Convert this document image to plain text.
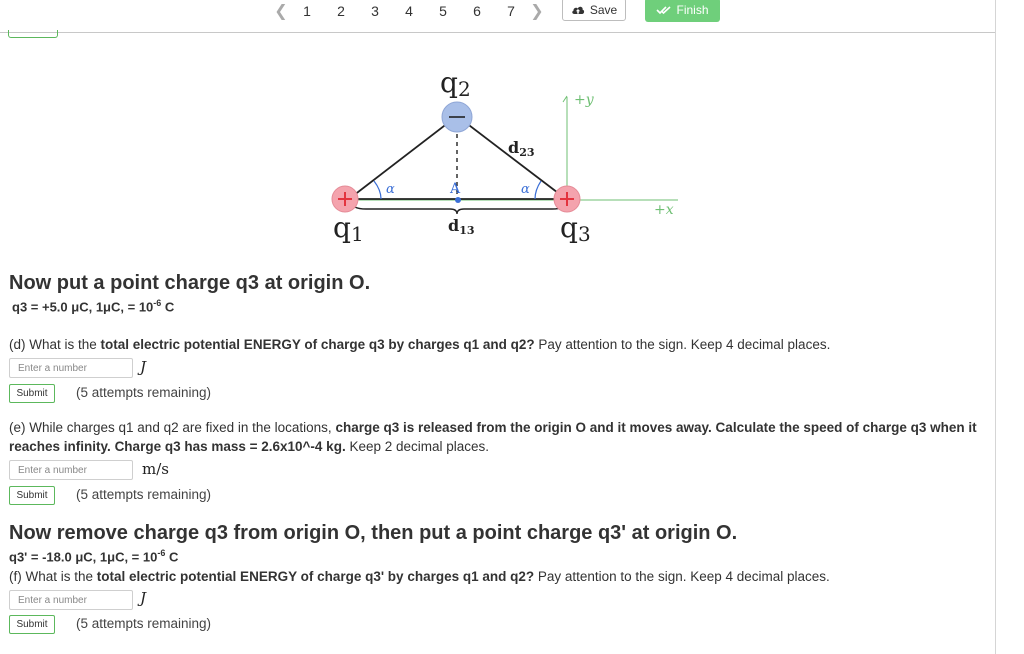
❮	1	2	3	4	5	6	7 ❯	Save	Finish
+y
+x
α	α
A
q2
q1	q3
d23
d13
Now put a point charge q3 at origin O.
q3 = +5.0 μC, 1μC, = $10^{-6}$ C
(d) What is the total electric potential ENERGY of charge q3 by charges q1 and q2? Pay attention to the sign. Keep 4 decimal places.
Enter a number	J
Submit	(5 attempts remaining)
(e) While charges q1 and q2 are fixed in the locations, charge q3 is released from the origin O and it moves away. Calculate the speed of charge q3 when it reaches infinity. Charge q3 has mass = 2.6x10^-4 kg. Keep 2 decimal places.
Enter a number	m/s
Submit	(5 attempts remaining)
Now remove charge q3 from origin O, then put a point charge q3' at origin O.
q3' = -18.0 μC, 1μC, = $10^{-6}$ C
(f) What is the total electric potential ENERGY of charge q3' by charges q1 and q2? Pay attention to the sign. Keep 4 decimal places.
Enter a number	J
Submit	(5 attempts remaining)
